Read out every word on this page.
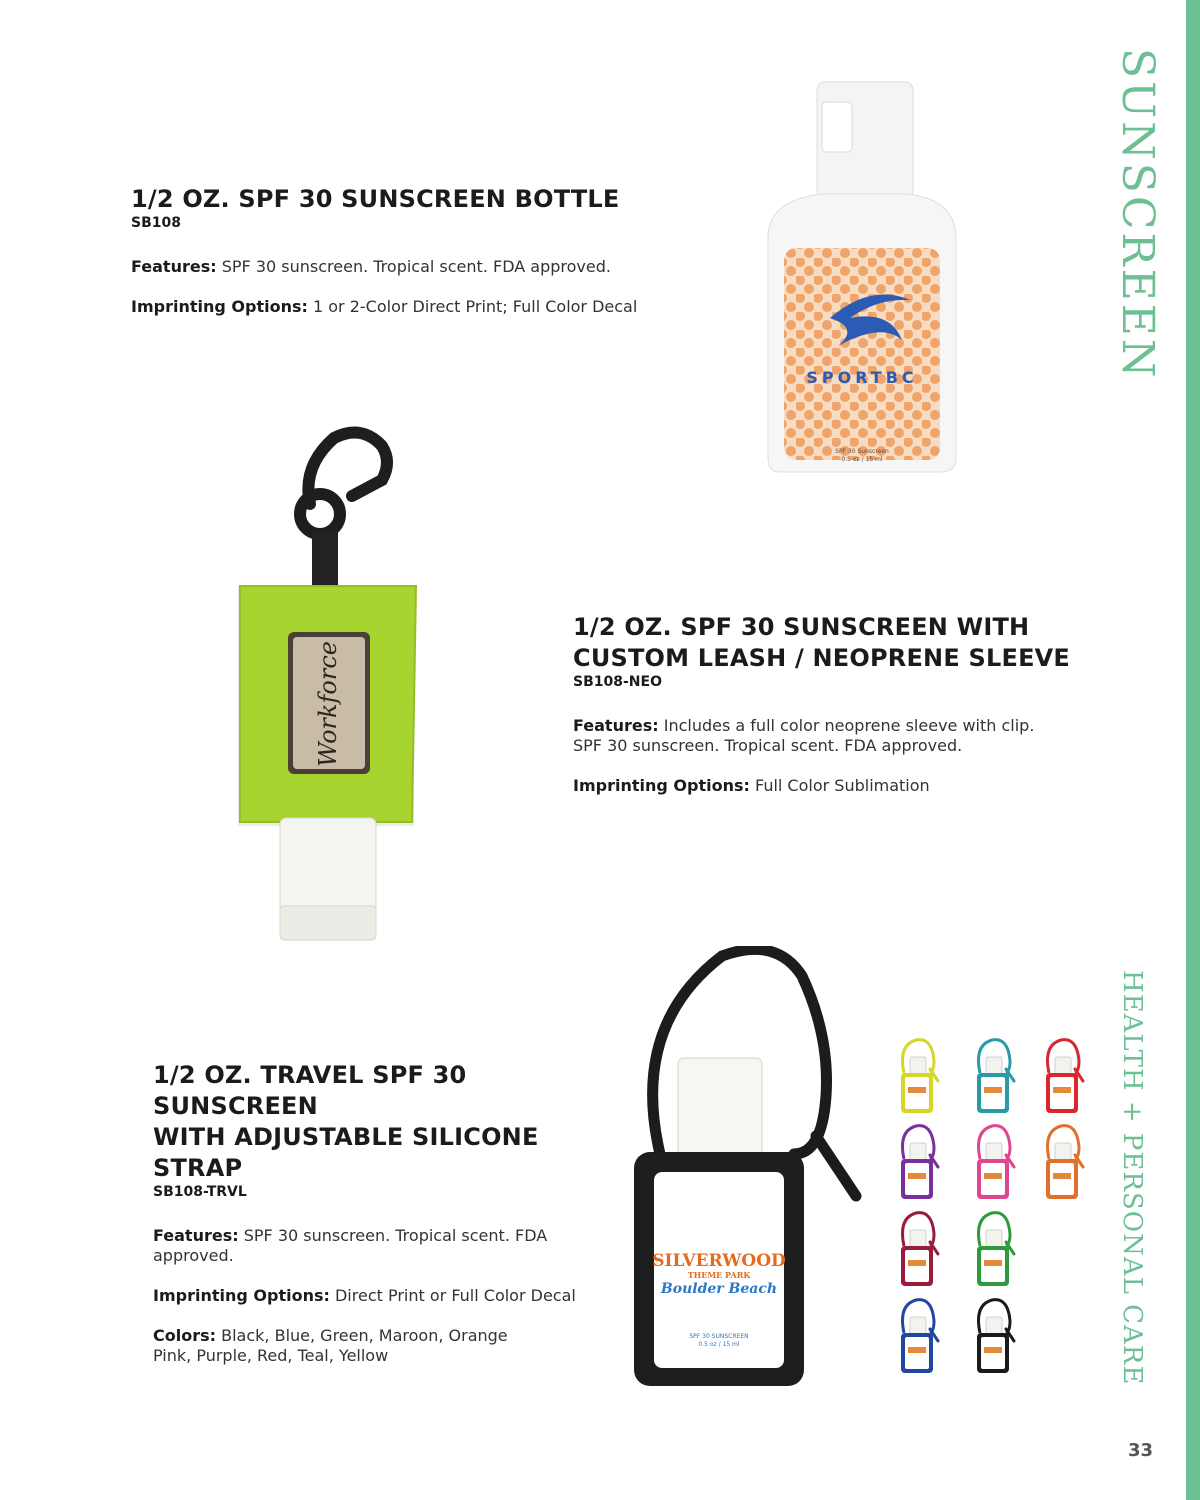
SUNSCREEN
HEALTH + PERSONAL CARE
33

1/2 OZ. SPF 30 SUNSCREEN BOTTLE

SB108

Features: SPF 30 sunscreen. Tropical scent. FDA approved.

Imprinting Options: 1 or 2-Color Direct Print; Full Color Decal

SPORTBC
SPF 30 Sunscreen
0.5 oz / 15 ml
Workforce

1/2 OZ. SPF 30 SUNSCREEN WITH

CUSTOM LEASH / NEOPRENE SLEEVE

SB108-NEO

Features: Includes a full color neoprene sleeve with clip.
SPF 30 sunscreen. Tropical scent. FDA approved.

Imprinting Options: Full Color Sublimation

1/2 OZ. TRAVEL SPF 30 SUNSCREEN

WITH ADJUSTABLE SILICONE STRAP

SB108-TRVL

Features: SPF 30 sunscreen. Tropical scent. FDA
approved.

Imprinting Options: Direct Print or Full Color Decal

Colors: Black, Blue, Green, Maroon, Orange
Pink, Purple, Red, Teal, Yellow

SILVERWOOD
THEME PARK
Boulder Beach
SPF 30 SUNSCREEN
0.5 oz / 15 ml
